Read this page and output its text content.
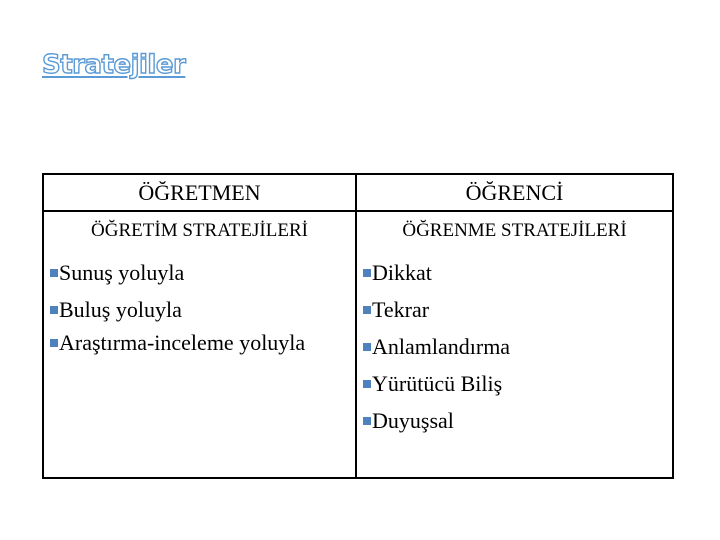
Stratejiler
ÖĞRETMEN
ÖĞRETİM STRATEJİLERİ
Sunuş yoluyla
Buluş yoluyla
Araştırma-inceleme yoluyla
ÖĞRENCİ
ÖĞRENME STRATEJİLERİ
Dikkat
Tekrar
Anlamlandırma
Yürütücü Biliş
Duyuşsal
